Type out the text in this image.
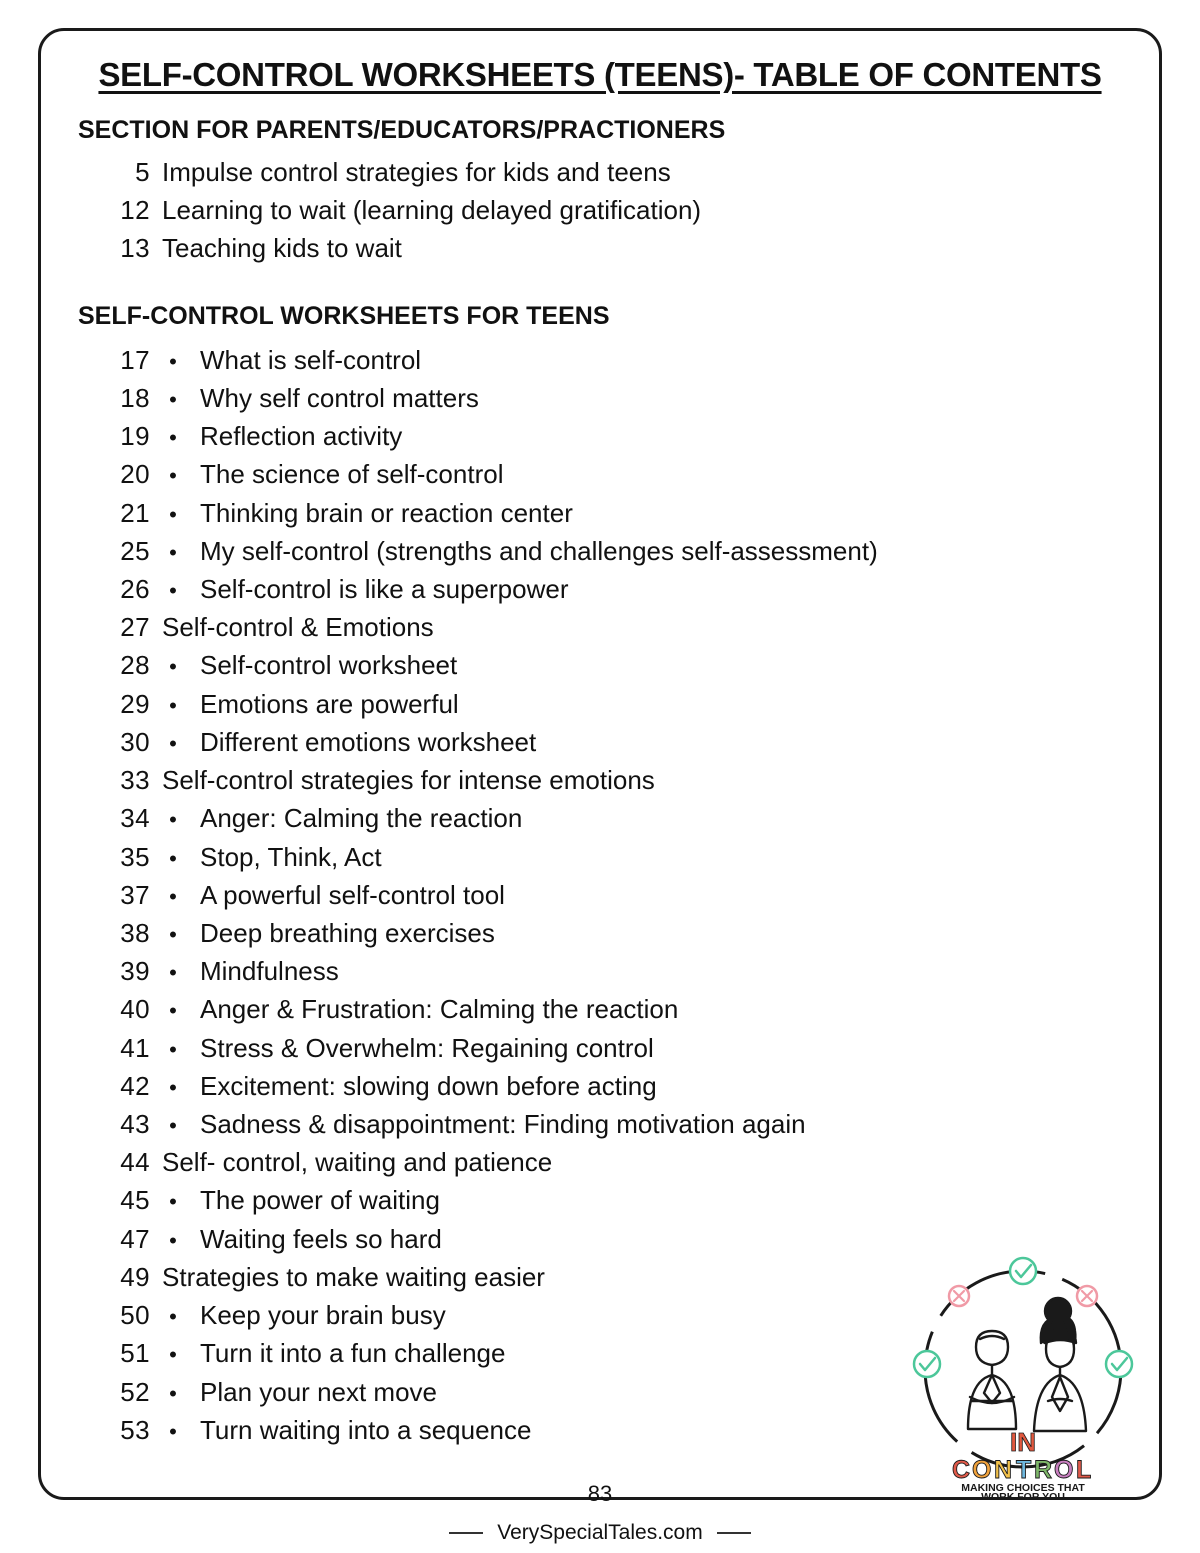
SELF-CONTROL WORKSHEETS (TEENS)- TABLE OF CONTENTS
SECTION FOR PARENTS/EDUCATORS/PRACTIONERS
5 Impulse control strategies for kids and teens
12 Learning to wait (learning delayed gratification)
13 Teaching kids to wait
SELF-CONTROL WORKSHEETS FOR TEENS
17 • What is self-control
18 • Why self control matters
19 • Reflection activity
20 • The science of self-control
21 • Thinking brain or reaction center
25 • My self-control (strengths and challenges self-assessment)
26 • Self-control is like a superpower
27 Self-control & Emotions
28 • Self-control worksheet
29 • Emotions are powerful
30 • Different emotions worksheet
33 Self-control strategies for intense emotions
34 • Anger: Calming the reaction
35 • Stop, Think, Act
37 • A powerful self-control tool
38 • Deep breathing exercises
39 • Mindfulness
40 • Anger & Frustration: Calming the reaction
41 • Stress & Overwhelm: Regaining control
42 • Excitement: slowing down before acting
43 • Sadness & disappointment: Finding motivation again
44 Self- control, waiting and patience
45 • The power of waiting
47 • Waiting feels so hard
49 Strategies to make waiting easier
50 • Keep your brain busy
51 • Turn it into a fun challenge
52 • Plan your next move
53 • Turn waiting into a sequence	IN
C O N T R O L
MAKING CHOICES THAT
WORK FOR YOU
83
VerySpecialTales.com
